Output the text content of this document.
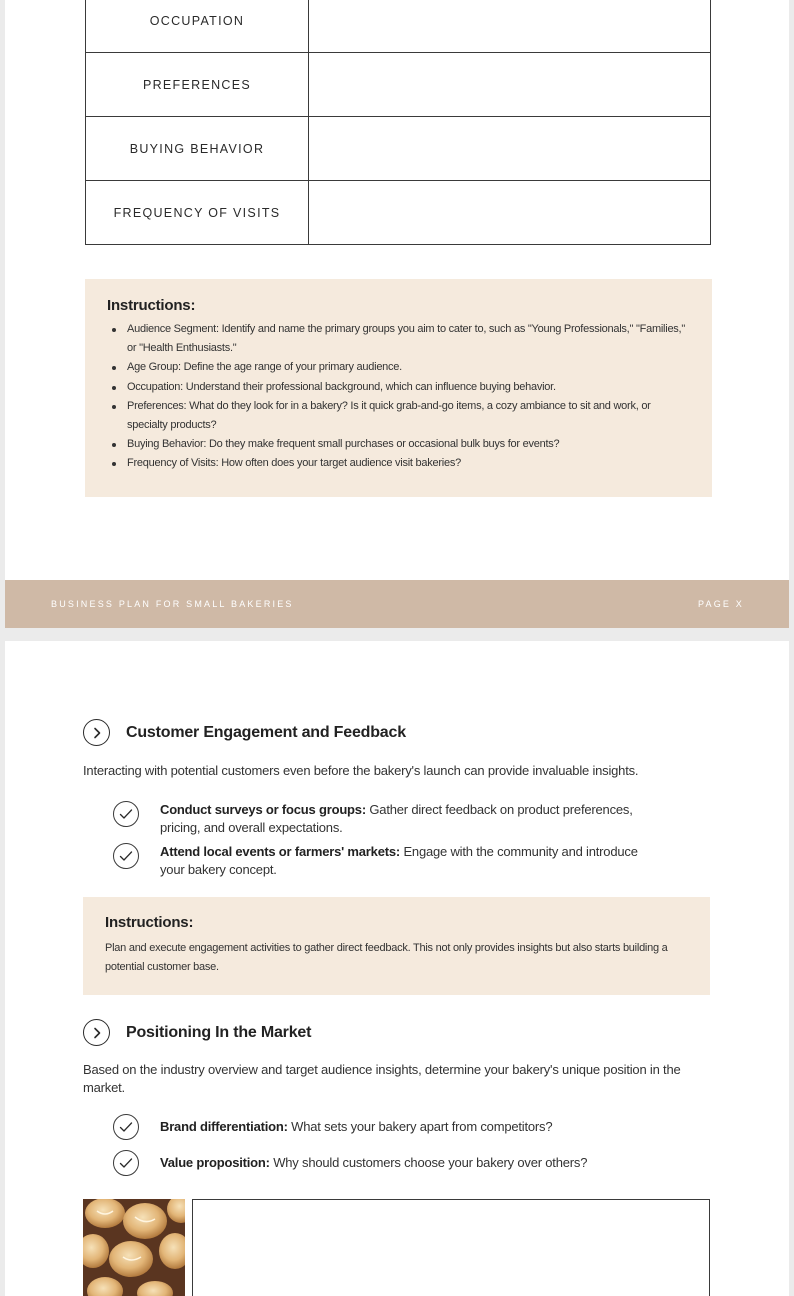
OCCUPATION	
PREFERENCES	
BUYING BEHAVIOR	
FREQUENCY OF VISITS	
Instructions:
Audience Segment: Identify and name the primary groups you aim to cater to, such as "Young Professionals," "Families," or "Health Enthusiasts."
Age Group: Define the age range of your primary audience.
Occupation: Understand their professional background, which can influence buying behavior.
Preferences: What do they look for in a bakery? Is it quick grab-and-go items, a cozy ambiance to sit and work, or specialty products?
Buying Behavior: Do they make frequent small purchases or occasional bulk buys for events?
Frequency of Visits: How often does your target audience visit bakeries?
BUSINESS PLAN FOR SMALL BAKERIES	PAGE X
Customer Engagement and Feedback
Interacting with potential customers even before the bakery's launch can provide invaluable insights.
Conduct surveys or focus groups: Gather direct feedback on product preferences, pricing, and overall expectations.
Attend local events or farmers' markets: Engage with the community and introduce your bakery concept.
Instructions:

Plan and execute engagement activities to gather direct feedback. This not only provides insights but also starts building a potential customer base.

Positioning In the Market
Based on the industry overview and target audience insights, determine your bakery's unique position in the market.
Brand differentiation: What sets your bakery apart from competitors?
Value proposition: Why should customers choose your bakery over others?
